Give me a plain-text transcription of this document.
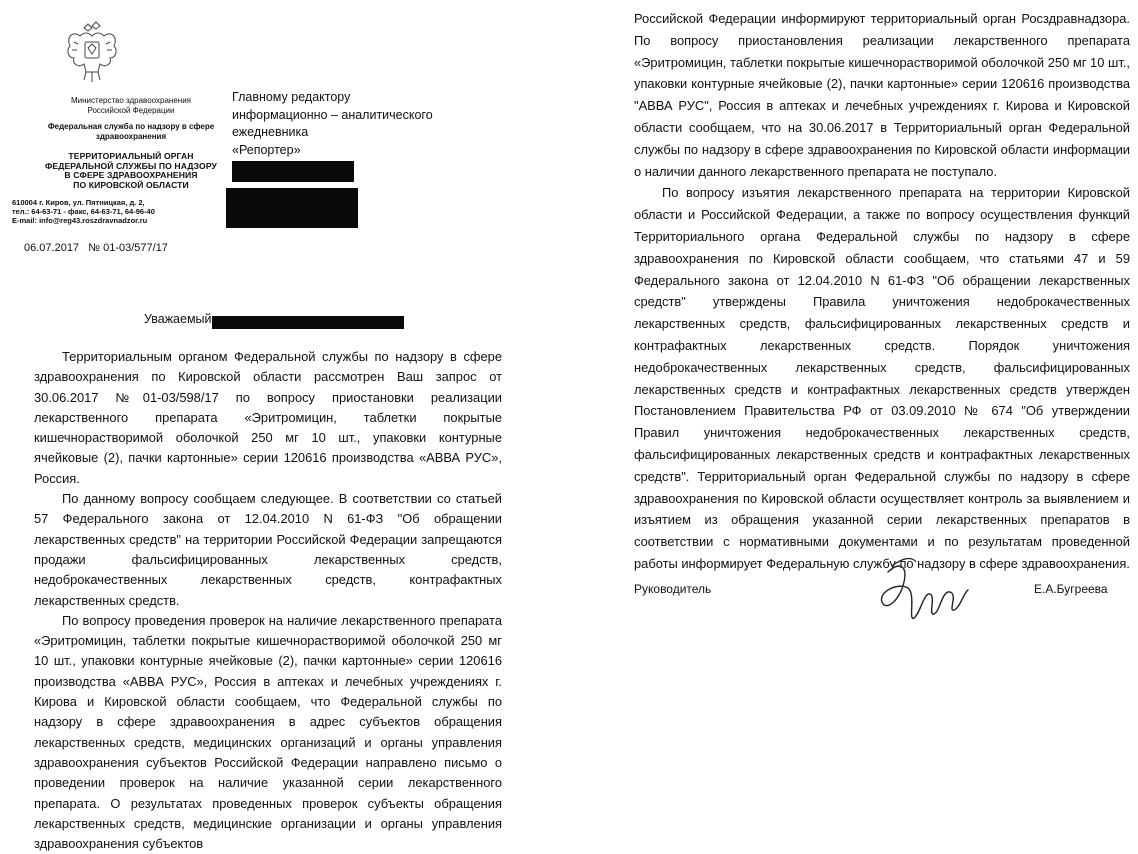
Министерство здравоохранения
Российской Федерации
Федеральная служба по надзору в сфере
здравоохранения
ТЕРРИТОРИАЛЬНЫЙ ОРГАН
ФЕДЕРАЛЬНОЙ СЛУЖБЫ ПО НАДЗОРУ
В СФЕРЕ ЗДРАВООХРАНЕНИЯ
ПО КИРОВСКОЙ ОБЛАСТИ
610004 г. Киров, ул. Пятницкая, д. 2,
тел.: 64-63-71 - факс, 64-63-71, 64-96-40
E-mail: info@reg43.roszdravnadzor.ru
06.07.2017 № 01-03/577/17
Главному редактору
информационно – аналитического
ежедневника
«Репортер»
Уважаемый

Территориальным органом Федеральной службы по надзору в сфере здравоохранения по Кировской области рассмотрен Ваш запрос от 30.06.2017 №01-03/598/17 по вопросу приостановки реализации лекарственного препарата «Эритромицин, таблетки покрытые кишечнорастворимой оболочкой 250 мг 10 шт., упаковки контурные ячейковые (2), пачки картонные» серии 120616 производства «АВВА РУС», Россия.

По данному вопросу сообщаем следующее. В соответствии со статьей 57 Федерального закона от 12.04.2010 N 61-ФЗ "Об обращении лекарственных средств" на территории Российской Федерации запрещаются продажи фальсифицированных лекарственных средств, недоброкачественных лекарственных средств, контрафактных лекарственных средств.

По вопросу проведения проверок на наличие лекарственного препарата «Эритромицин, таблетки покрытые кишечнорастворимой оболочкой 250 мг 10 шт., упаковки контурные ячейковые (2), пачки картонные» серии 120616 производства «АВВА РУС», Россия в аптеках и лечебных учреждениях г. Кирова и Кировской области сообщаем, что Федеральной службы по надзору в сфере здравоохранения в адрес субъектов обращения лекарственных средств, медицинских организаций и органы управления здравоохранения субъектов Российской Федерации направлено письмо о проведении проверок на наличие указанной серии лекарственного препарата. О результатах проведенных проверок субъекты обращения лекарственных средств, медицинские организации и органы управления здравоохранения субъектов

Российской Федерации информируют территориальный орган Росздравнадзора. По вопросу приостановления реализации лекарственного препарата «Эритромицин, таблетки покрытые кишечнорастворимой оболочкой 250 мг 10 шт., упаковки контурные ячейковые (2), пачки картонные» серии 120616 производства "АВВА РУС", Россия в аптеках и лечебных учреждениях г. Кирова и Кировской области сообщаем, что на 30.06.2017 в Территориальный орган Федеральной службы по надзору в сфере здравоохранения по Кировской области информации о наличии данного лекарственного препарата не поступало.

По вопросу изъятия лекарственного препарата на территории Кировской области и Российской Федерации, а также по вопросу осуществления функций Территориального органа Федеральной службы по надзору в сфере здравоохранения по Кировской области сообщаем, что статьями 47 и 59 Федерального закона от 12.04.2010 N 61-ФЗ "Об обращении лекарственных средств" утверждены Правила уничтожения недоброкачественных лекарственных средств, фальсифицированных лекарственных средств и контрафактных лекарственных средств. Порядок уничтожения недоброкачественных лекарственных средств, фальсифицированных лекарственных средств и контрафактных лекарственных средств утвержден Постановлением Правительства РФ от 03.09.2010 № 674 "Об утверждении Правил уничтожения недоброкачественных лекарственных средств, фальсифицированных лекарственных средств и контрафактных лекарственных средств". Территориальный орган Федеральной службы по надзору в сфере здравоохранения по Кировской области осуществляет контроль за выявлением и изъятием из обращения указанной серии лекарственных препаратов в соответствии с нормативными документами и по результатам проведенной работы информирует Федеральную службу по надзору в сфере здравоохранения.

Руководитель	Е.А.Бугреева
